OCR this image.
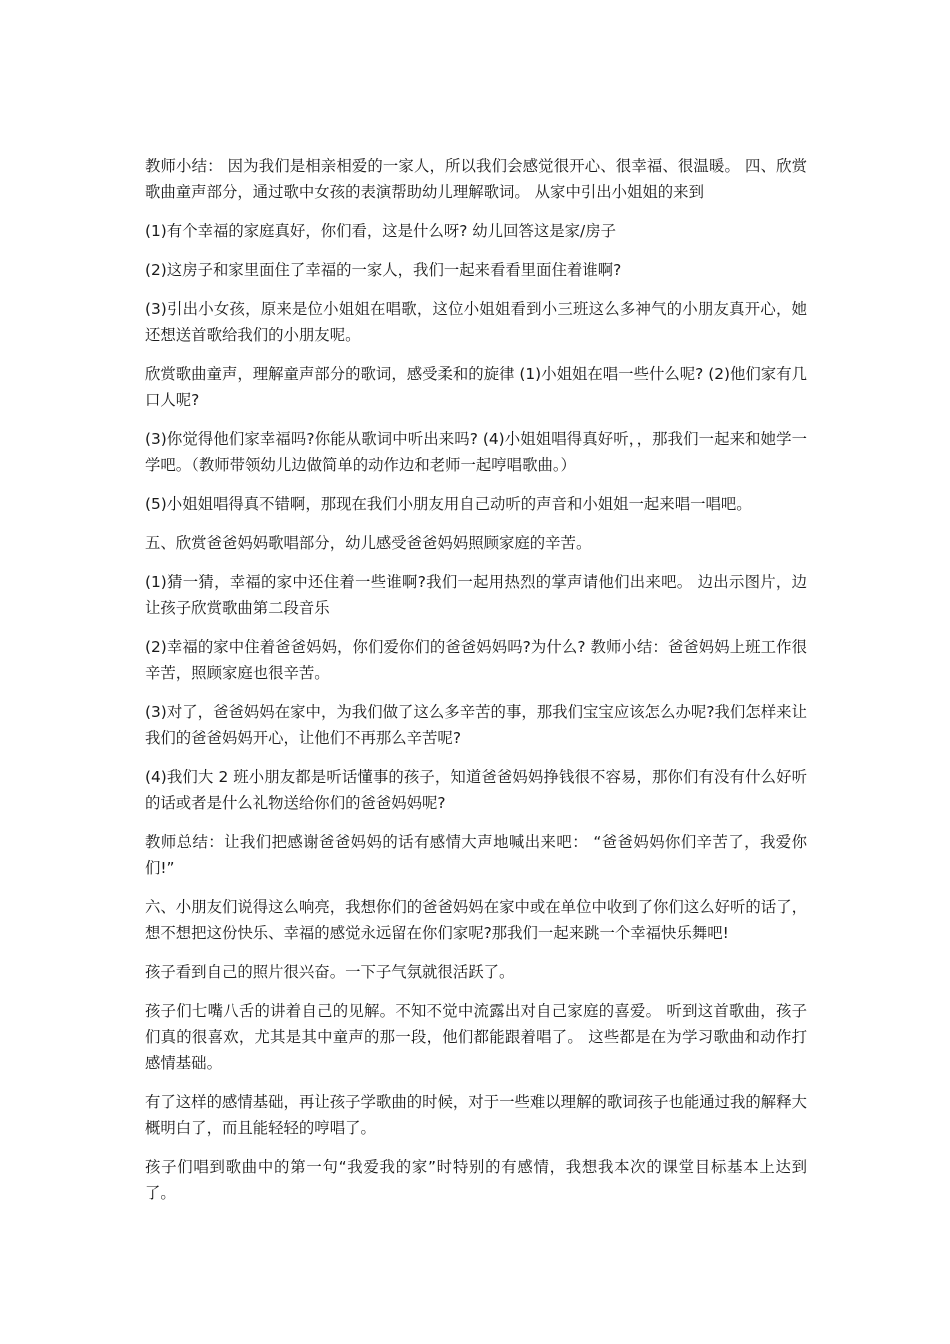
教师小结： 因为我们是相亲相爱的一家人，所以我们会感觉很开心、很幸福、很温暖。 四、欣赏歌曲童声部分，通过歌中女孩的表演帮助幼儿理解歌词。 从家中引出小姐姐的来到

(1)有个幸福的家庭真好，你们看，这是什么呀? 幼儿回答这是家/房子

(2)这房子和家里面住了幸福的一家人，我们一起来看看里面住着谁啊?

(3)引出小女孩，原来是位小姐姐在唱歌，这位小姐姐看到小三班这么多神气的小朋友真开心，她还想送首歌给我们的小朋友呢。

欣赏歌曲童声，理解童声部分的歌词，感受柔和的旋律 (1)小姐姐在唱一些什么呢? (2)他们家有几口人呢?

(3)你觉得他们家幸福吗?你能从歌词中听出来吗? (4)小姐姐唱得真好听，，那我们一起来和她学一学吧。（教师带领幼儿边做简单的动作边和老师一起哼唱歌曲。）

(5)小姐姐唱得真不错啊，那现在我们小朋友用自己动听的声音和小姐姐一起来唱一唱吧。

五、欣赏爸爸妈妈歌唱部分，幼儿感受爸爸妈妈照顾家庭的辛苦。

(1)猜一猜，幸福的家中还住着一些谁啊?我们一起用热烈的掌声请他们出来吧。 边出示图片，边让孩子欣赏歌曲第二段音乐

(2)幸福的家中住着爸爸妈妈，你们爱你们的爸爸妈妈吗?为什么? 教师小结：爸爸妈妈上班工作很辛苦，照顾家庭也很辛苦。

(3)对了，爸爸妈妈在家中，为我们做了这么多辛苦的事，那我们宝宝应该怎么办呢?我们怎样来让我们的爸爸妈妈开心，让他们不再那么辛苦呢?

(4)我们大 2 班小朋友都是听话懂事的孩子，知道爸爸妈妈挣钱很不容易，那你们有没有什么好听的话或者是什么礼物送给你们的爸爸妈妈呢?

教师总结：让我们把感谢爸爸妈妈的话有感情大声地喊出来吧： “爸爸妈妈你们辛苦了，我爱你们!”

六、小朋友们说得这么响亮，我想你们的爸爸妈妈在家中或在单位中收到了你们这么好听的话了，想不想把这份快乐、幸福的感觉永远留在你们家呢?那我们一起来跳一个幸福快乐舞吧!

孩子看到自己的照片很兴奋。一下子气氛就很活跃了。

孩子们七嘴八舌的讲着自己的见解。不知不觉中流露出对自己家庭的喜爱。 听到这首歌曲，孩子们真的很喜欢，尤其是其中童声的那一段，他们都能跟着唱了。 这些都是在为学习歌曲和动作打感情基础。

有了这样的感情基础，再让孩子学歌曲的时候，对于一些难以理解的歌词孩子也能通过我的解释大概明白了，而且能轻轻的哼唱了。

孩子们唱到歌曲中的第一句“我爱我的家”时特别的有感情，我想我本次的课堂目标基本上达到了。
